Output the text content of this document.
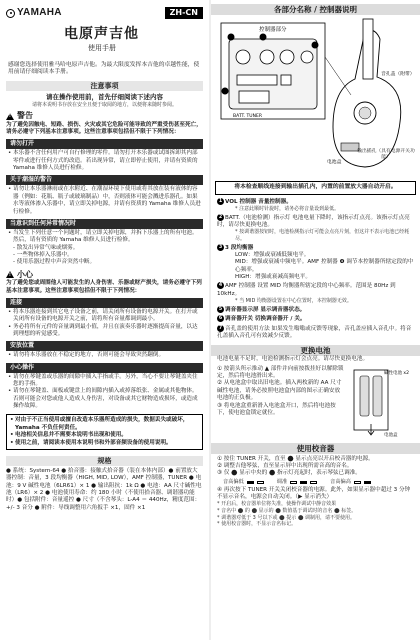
YAMAHA	ZH-CN
电原声吉他
使用手册
感谢您选择使用雅马哈电原声吉他。为最大限度发挥本吉他的卓越性能，使用前请仔细阅读本手册。
注意事项
请在操作使用前，首先仔细阅读下述内容
请将本说明书存放在安全且便于取阅的地方，以便将来随时参阅。
!
警告
为了避免因触电、短路、损伤、火灾或其它危险可能导致的严重受伤甚至死亡，请务必遵守下列基本注意事项。这些注意事项包括但不限于下列情况：
请勿打开
• 本乐器不含任何用户可自行修理的零件。请勿打开本乐器或试图拆卸其内部零件或进行任何方式的改造。若出现异常，请立即停止使用，并请有资质的 Yamaha 维修人员进行检修。
关于潮湿的警告
• 请勿让本乐器淋雨或在水附近、在潮湿环境下使用或将其放在装有液体的容器（例如：花瓶、瓶子或玻璃制品）中，否则液体可能会溅进乐器孔。如果水等液体渗入乐器中，请立即关掉电源，并请有资质的 Yamaha 维修人员进行检修。
当意识到任何异常情况时
• 当发生下列任意一个问题时，请立即关掉电源，并拆下乐器上的所有电池。然后，请有资质的 Yamaha 维修人员进行检修。
- 散发出异常气味或烟雾。
- 一些物体掉入乐器中。
- 使用乐器过程中声音突然中断。
!
小心
为了避免您或周围他人可能发生的人身伤害、乐器或财产损失，请务必遵守下列基本注意事项。这些注意事项包括但不限于下列情况：
连接
• 将本乐器连接到其它电子设备之前，请关闭所有设备的电源开关。在打开或关闭所有设备的电源开关之前，请将所有音量都调到最小。
• 务必将所有元件的音量调到最小值，并且在演奏乐器时逐渐提高音量，以达到理想的听觉感受。
安放位置
• 请勿将本乐器放在不稳定的地方，否则可能会导致突然翻倒。
小心操作
• 请勿在琴键盖或乐器的间隙中插入手指或手。另外，当心不要让琴键盖夹住您的手指。
• 请勿在琴键盖、面板或键盘上的间隙内插入或掉落纸张、金属或其他物体。否则可能会对您或他人造成人身伤害，对设备或其它财物造成损坏，或造成操作故障。
• 对由于不正当使用或擅自改造本乐器所造成的损失，数据丢失或破坏，Yamaha 不负任何责任。
• 电池相关信息并不需要本说明书出现和使用。
• 使用之前，请阅读本使用本说明书和外部音频设备的使用说明。
规格
● 系统：System-64 ● 拾音器：接触式拾音器（装在本体内部）● 前置放大器控制：音量，3 段均衡器（HIGH, MID, LOW），AMF 控制器，TUNER ● 电池：9 V 碱性电池（6LR61）× 1 ● 输出阻抗：1k Ω ● 电池：AA 尺寸碱性电池（LR6）× 2 ● 电池使用寿命：约 180 小时（不使用拾音器、调谐器功能时）● 包括附件：音量遥控 ● 尺寸（不含琴头：L-A4 ＝ 440Hz，精度范围：+/- 3 音分 ● 附件：导线调整用六角扳手 ×1，固件 ×1
各部分名称 / 控制器说明
控制器部分
BATT. TUNER
音孔盖（附带）
电池盒
输出插孔（具有电源开关功能）
将本检查顺线连接到输出插孔内，内置的前置放大器自动开启。
1 VOL 控制器 音量控制器。
* 注意此顺时针旋时，请务必将音量设到最低。
2 BATT.（电池检测）指示灯 电池电量下降时，该指示灯点亮。该指示灯点亮时，请尽快更换电池。
* 按调谐器按钮时，电池检测指示灯可能会点亮片刻，但这并不表示电池已经耗尽。
3 3 段均衡器
LOW：增强或衰减低频电平。
MID：增强或衰减中频电平。AMF 控制器 ❹ 调节本控制器所辖定段的中心频率。
HIGH：增强或衰减高频电平。
4 AMF 控制器 设置 MID 均衡器所辖定段的中心频率。范围是 80Hz 到 10kHz。
* 当 MID 均衡器设置在中心位置时，本控制器无效。
5 调音器显示屏 显示调音器状态。
6 调音器开关 切换调音器开 / 关。
7 音孔盖的使用方法 如果发生嗡嗡或反馈等现象，音孔盖应插入音孔中。将音孔盖插入音孔可有效减少反馈。
更换电池
电池电量不足时，电池检测指示灯会点亮。请尽快更换电池。
① 按箭头所示推动 ▲ 部件并向前按拨挂好以解除锁定，然后将电池滑出来。
② 从电池盒中取出旧电池。插入两枚新的 AA 尺寸碱性电池，请务必按照电池盒内部的图示正确安放电池的正负极。
③ 将电池盒重新滑入电池盒开口，然后将电池按下，使电池盒锁定就位。
碱性电池 x2
电池盒
使用校音器
① 按住 TUNER 开关，直至 ⬤ 显示点亮以开启校音器的电源。
② 调整吉他琴弦，直至显示屏中出现所需音高的音名。
③ 仅 ⬤ 显示中央的 ⬤ 指示灯亮起时，表示琴弦已调准。
音高偏低	调准	音高偏高
④ 再次按下 TUNER 开关关闭校音器的电源。此外，如果显示器中超过 3 分钟不显示音名，电源会自动关闭。（▶ 显示消失）
* 开启后，校音器单位将失准，使操作调试中静音效果
* 音名中 ⬤ 的 ⬤ 显示的 ⬤ 数值基于调试时的音名 ⬤ 标签。
* 调谐器对低于 3 号以下或 ⬤ 提示 ⬤ 调制用，请不要使用。
* 使用校音器时，不显示音名标记。
